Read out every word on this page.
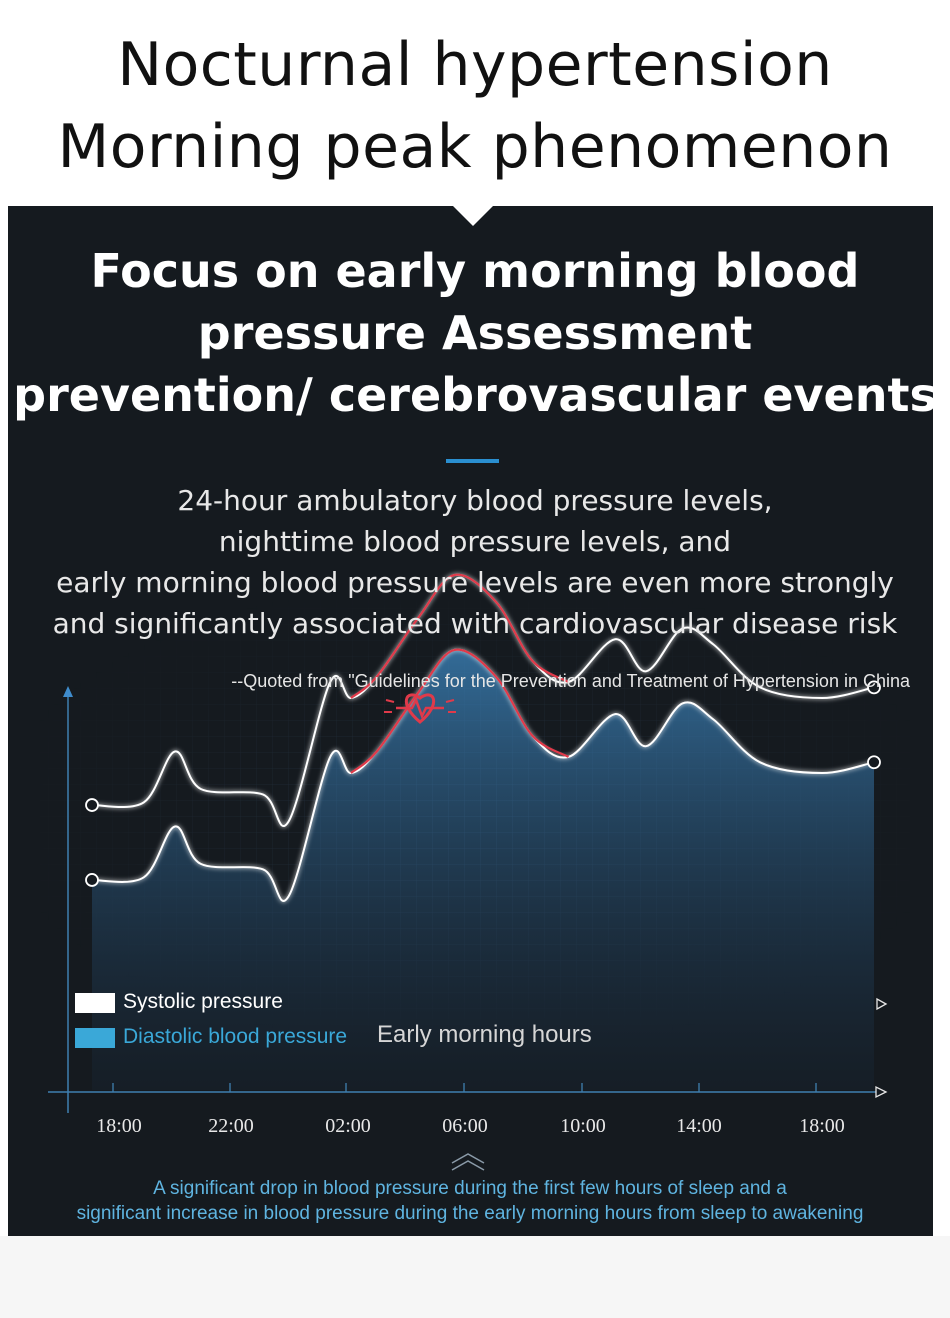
Nocturnal hypertension
Morning peak phenomenon
18:00	22:00	02:00	06:00	10:00	14:00	18:00
Focus on early morning blood
pressure Assessment
prevention/ cerebrovascular events
24-hour ambulatory blood pressure levels,
nighttime blood pressure levels, and
early morning blood pressure levels are even more strongly
and significantly associated with cardiovascular disease risk
--Quoted from "Guidelines for the Prevention and Treatment of Hypertension in China
Systolic pressure
Diastolic blood pressure Early morning hours
A significant drop in blood pressure during the first few hours of sleep and a
significant increase in blood pressure during the early morning hours from sleep to awakening
